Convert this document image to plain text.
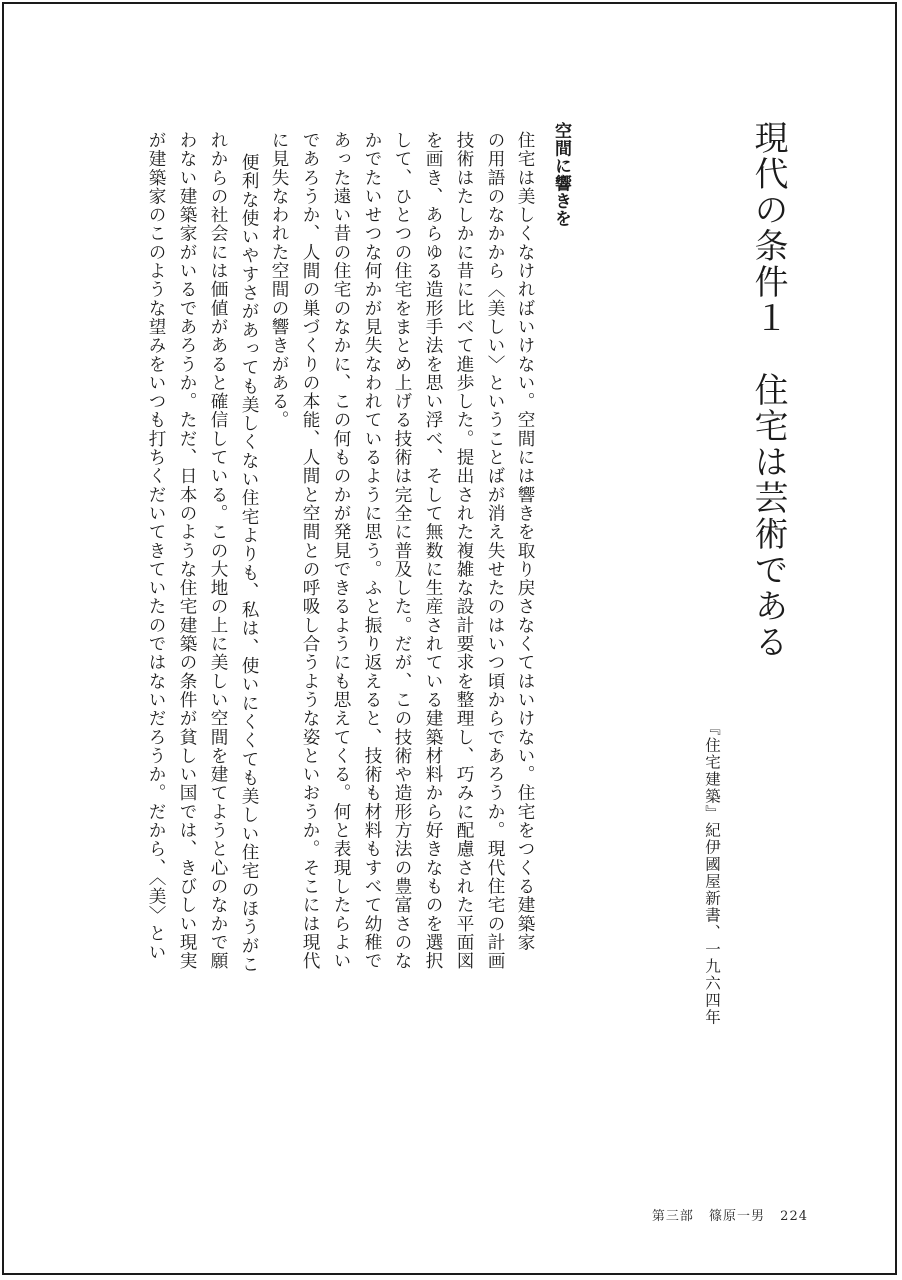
現代の条件１　住宅は芸術である
『住宅建築』紀伊國屋新書、一九六四年
空間に響きを
住宅は美しくなければいけない。空間には響きを取り戻さなくてはいけない。住宅をつくる建築家
の用語のなかから〈美しい〉ということばが消え失せたのはいつ頃からであろうか。現代住宅の計画
技術はたしかに昔に比べて進歩した。提出された複雑な設計要求を整理し、巧みに配慮された平面図
を画き、あらゆる造形手法を思い浮べ、そして無数に生産されている建築材料から好きなものを選択
して、ひとつの住宅をまとめ上げる技術は完全に普及した。だが、この技術や造形方法の豊富さのな
かでたいせつな何かが見失なわれているように思う。ふと振り返えると、技術も材料もすべて幼稚で
あった遠い昔の住宅のなかに、この何ものかが発見できるようにも思えてくる。何と表現したらよい
であろうか、人間の巣づくりの本能、人間と空間との呼吸し合うような姿といおうか。そこには現代
に見失なわれた空間の響きがある。
便利な使いやすさがあっても美しくない住宅よりも、私は、使いにくくても美しい住宅のほうがこ
れからの社会には価値があると確信している。この大地の上に美しい空間を建てようと心のなかで願
わない建築家がいるであろうか。ただ、日本のような住宅建築の条件が貧しい国では、きびしい現実
が建築家のこのような望みをいつも打ちくだいてきていたのではないだろうか。だから、〈美〉とい
第三部 篠原一男 224
